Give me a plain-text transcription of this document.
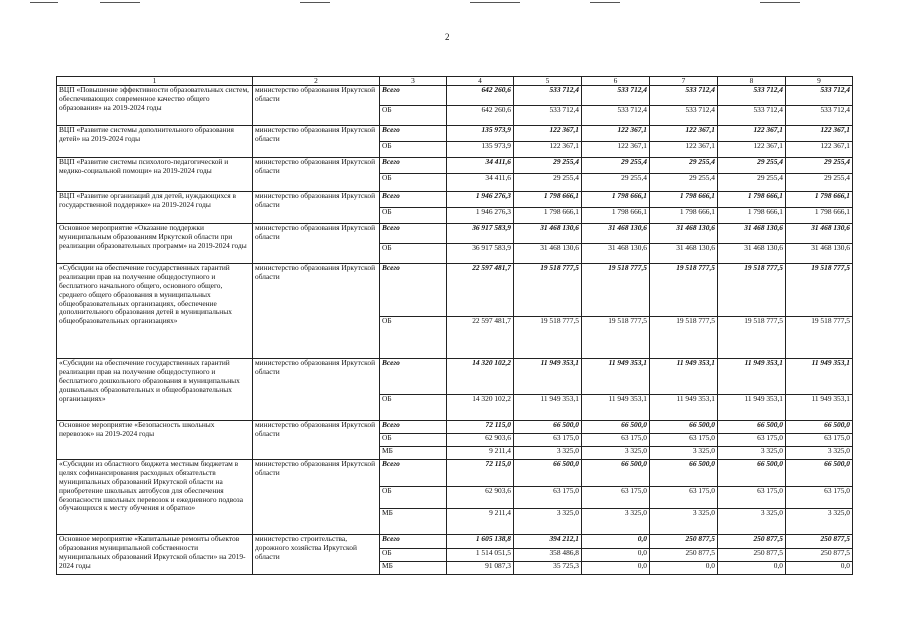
2
1	2	3	4	5	6	7	8	9
ВЦП «Повышение эффективности образовательных систем, обеспечивающих современное качество общего образования» на 2019-2024 годы	министерство образования Иркутской области	Всего	642 260,6	533 712,4	533 712,4	533 712,4	533 712,4	533 712,4
		ОБ	642 260,6	533 712,4	533 712,4	533 712,4	533 712,4	533 712,4
ВЦП «Развитие системы дополнительного образования детей» на 2019-2024 годы	министерство образования Иркутской области	Всего	135 973,9	122 367,1	122 367,1	122 367,1	122 367,1	122 367,1
		ОБ	135 973,9	122 367,1	122 367,1	122 367,1	122 367,1	122 367,1
ВЦП «Развитие системы психолого-педагогической и медико-социальной помощи» на 2019-2024 годы	министерство образования Иркутской области	Всего	34 411,6	29 255,4	29 255,4	29 255,4	29 255,4	29 255,4
		ОБ	34 411,6	29 255,4	29 255,4	29 255,4	29 255,4	29 255,4
ВЦП «Развитие организаций для детей, нуждающихся в государственной поддержке» на 2019-2024 годы	министерство образования Иркутской области	Всего	1 946 276,3	1 798 666,1	1 798 666,1	1 798 666,1	1 798 666,1	1 798 666,1
		ОБ	1 946 276,3	1 798 666,1	1 798 666,1	1 798 666,1	1 798 666,1	1 798 666,1
Основное мероприятие «Оказание поддержки муниципальным образованиям Иркутской области при реализации образовательных программ» на 2019-2024 годы	министерство образования Иркутской области	Всего	36 917 583,9	31 468 130,6	31 468 130,6	31 468 130,6	31 468 130,6	31 468 130,6
		ОБ	36 917 583,9	31 468 130,6	31 468 130,6	31 468 130,6	31 468 130,6	31 468 130,6
«Субсидии на обеспечение государственных гарантий реализации прав на получение общедоступного и бесплатного начального общего, основного общего, среднего общего образования в муниципальных общеобразовательных организациях, обеспечение дополнительного образования детей в муниципальных общеобразовательных организациях»	министерство образования Иркутской области	Всего	22 597 481,7	19 518 777,5	19 518 777,5	19 518 777,5	19 518 777,5	19 518 777,5
		ОБ	22 597 481,7	19 518 777,5	19 518 777,5	19 518 777,5	19 518 777,5	19 518 777,5
«Субсидии на обеспечение государственных гарантий реализации прав на получение общедоступного и бесплатного дошкольного образования в муниципальных дошкольных образовательных и общеобразовательных организациях»	министерство образования Иркутской области	Всего	14 320 102,2	11 949 353,1	11 949 353,1	11 949 353,1	11 949 353,1	11 949 353,1
		ОБ	14 320 102,2	11 949 353,1	11 949 353,1	11 949 353,1	11 949 353,1	11 949 353,1
Основное мероприятие «Безопасность школьных перевозок» на 2019-2024 годы	министерство образования Иркутской области	Всего	72 115,0	66 500,0	66 500,0	66 500,0	66 500,0	66 500,0
		ОБ	62 903,6	63 175,0	63 175,0	63 175,0	63 175,0	63 175,0
		МБ	9 211,4	3 325,0	3 325,0	3 325,0	3 325,0	3 325,0
«Субсидии из областного бюджета местным бюджетам в целях софинансирования расходных обязательств муниципальных образований Иркутской области на приобретение школьных автобусов для обеспечения безопасности школьных перевозок и ежедневного подвоза обучающихся к месту обучения и обратно»	министерство образования Иркутской области	Всего	72 115,0	66 500,0	66 500,0	66 500,0	66 500,0	66 500,0
		ОБ	62 903,6	63 175,0	63 175,0	63 175,0	63 175,0	63 175,0
		МБ	9 211,4	3 325,0	3 325,0	3 325,0	3 325,0	3 325,0
Основное мероприятие «Капитальные ремонты объектов образования муниципальной собственности муниципальных образований Иркутской области» на 2019-2024 годы	министерство строительства, дорожного хозяйства Иркутской области	Всего	1 605 138,8	394 212,1	0,0	250 877,5	250 877,5	250 877,5
		ОБ	1 514 051,5	358 486,8	0,0	250 877,5	250 877,5	250 877,5
		МБ	91 087,3	35 725,3	0,0	0,0	0,0	0,0
